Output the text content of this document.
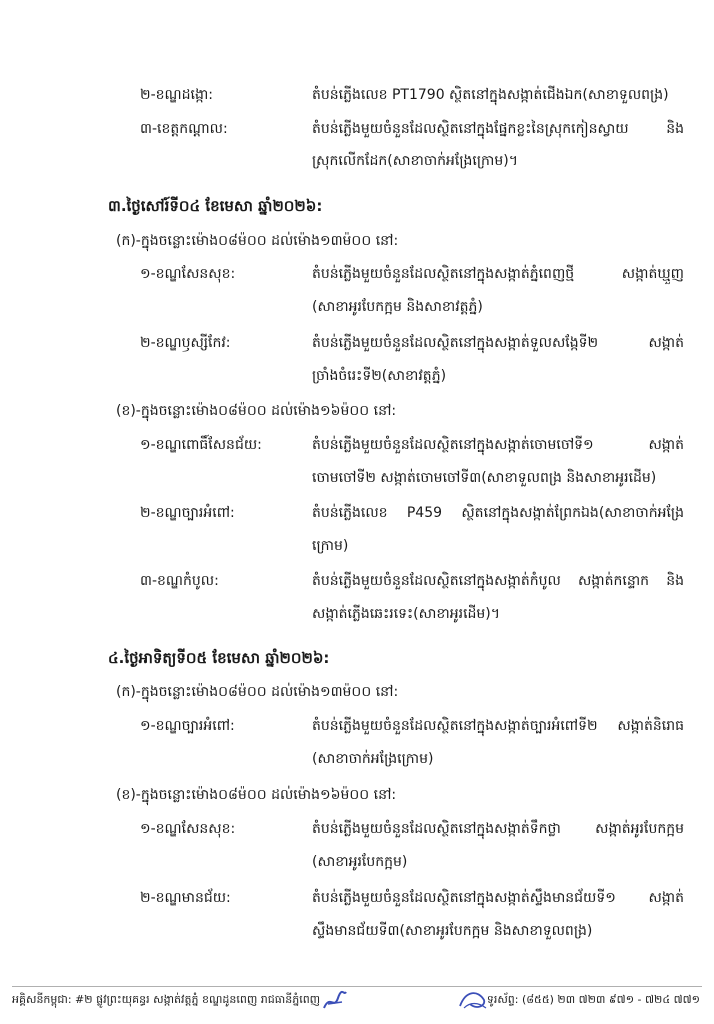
២-ខណ្ឌដង្កោ:	តំបន់ភ្លើងលេខ PT1790 ស្ថិតនៅក្នុងសង្កាត់ជើងឯក(សាខាទួលពង្រ)
៣-ខេត្តកណ្តាល:	តំបន់ភ្លើងមួយចំនួនដែលស្ថិតនៅក្នុងផ្នែកខ្លះនៃស្រុកកៀនស្វាយ និង
ស្រុកលើកដែក(សាខាចាក់អង្រែក្រោម)។
៣.ថ្ងៃសៅរ៍ទី០៤ ខែមេសា ឆ្នាំ២០២៦:
(ក)-ក្នុងចន្លោះម៉ោង០៨ម៉០០ ដល់ម៉ោង១៣ម៉០០ នៅ:
១-ខណ្ឌសែនសុខ:	តំបន់ភ្លើងមួយចំនួនដែលស្ថិតនៅក្នុងសង្កាត់ភ្នំពេញថ្មី សង្កាត់ឃ្មួញ
(សាខាអូរបែកក្អម និងសាខាវត្តភ្នំ)
២-ខណ្ឌឫស្សីកែវ:	តំបន់ភ្លើងមួយចំនួនដែលស្ថិតនៅក្នុងសង្កាត់ទួលសង្កែទី២ សង្កាត់
ច្រាំងចំរេះទី២(សាខាវត្តភ្នំ)
(ខ)-ក្នុងចន្លោះម៉ោង០៨ម៉០០ ដល់ម៉ោង១៦ម៉០០ នៅ:
១-ខណ្ឌពោធិ៍សែនជ័យ:	តំបន់ភ្លើងមួយចំនួនដែលស្ថិតនៅក្នុងសង្កាត់ចោមចៅទី១ សង្កាត់
ចោមចៅទី២ សង្កាត់ចោមចៅទី៣(សាខាទួលពង្រ និងសាខាអូរដើម)
២-ខណ្ឌច្បារអំពៅ:	តំបន់ភ្លើងលេខ P459 ស្ថិតនៅក្នុងសង្កាត់ព្រែកឯង(សាខាចាក់អង្រែ
ក្រោម)
៣-ខណ្ឌកំបូល:	តំបន់ភ្លើងមួយចំនួនដែលស្ថិតនៅក្នុងសង្កាត់កំបូល សង្កាត់កន្ទោក និង
សង្កាត់ភ្លើងឆេះរទេះ(សាខាអូរដើម)។
៤.ថ្ងៃអាទិត្យទី០៥ ខែមេសា ឆ្នាំ២០២៦:
(ក)-ក្នុងចន្លោះម៉ោង០៨ម៉០០ ដល់ម៉ោង១៣ម៉០០ នៅ:
១-ខណ្ឌច្បារអំពៅ:	តំបន់ភ្លើងមួយចំនួនដែលស្ថិតនៅក្នុងសង្កាត់ច្បារអំពៅទី២ សង្កាត់និរោធ
(សាខាចាក់អង្រែក្រោម)
(ខ)-ក្នុងចន្លោះម៉ោង០៨ម៉០០ ដល់ម៉ោង១៦ម៉០០ នៅ:
១-ខណ្ឌសែនសុខ:	តំបន់ភ្លើងមួយចំនួនដែលស្ថិតនៅក្នុងសង្កាត់ទឹកថ្លា សង្កាត់អូរបែកក្អម
(សាខាអូរបែកក្អម)
២-ខណ្ឌមានជ័យ:	តំបន់ភ្លើងមួយចំនួនដែលស្ថិតនៅក្នុងសង្កាត់ស្ទឹងមានជ័យទី១ សង្កាត់
ស្ទឹងមានជ័យទី៣(សាខាអូរបែកក្អម និងសាខាទួលពង្រ)
អគ្គិសនីកម្ពុជា: #២ ផ្លូវព្រះយុគន្ធរ សង្កាត់វត្តភ្នំ ខណ្ឌដូនពេញ រាជធានីភ្នំពេញ	ទូរស័ព្ទ: (៨៥៥) ២៣ ៧២៣ ៩៧១ - ៧២៤ ៧៧១
